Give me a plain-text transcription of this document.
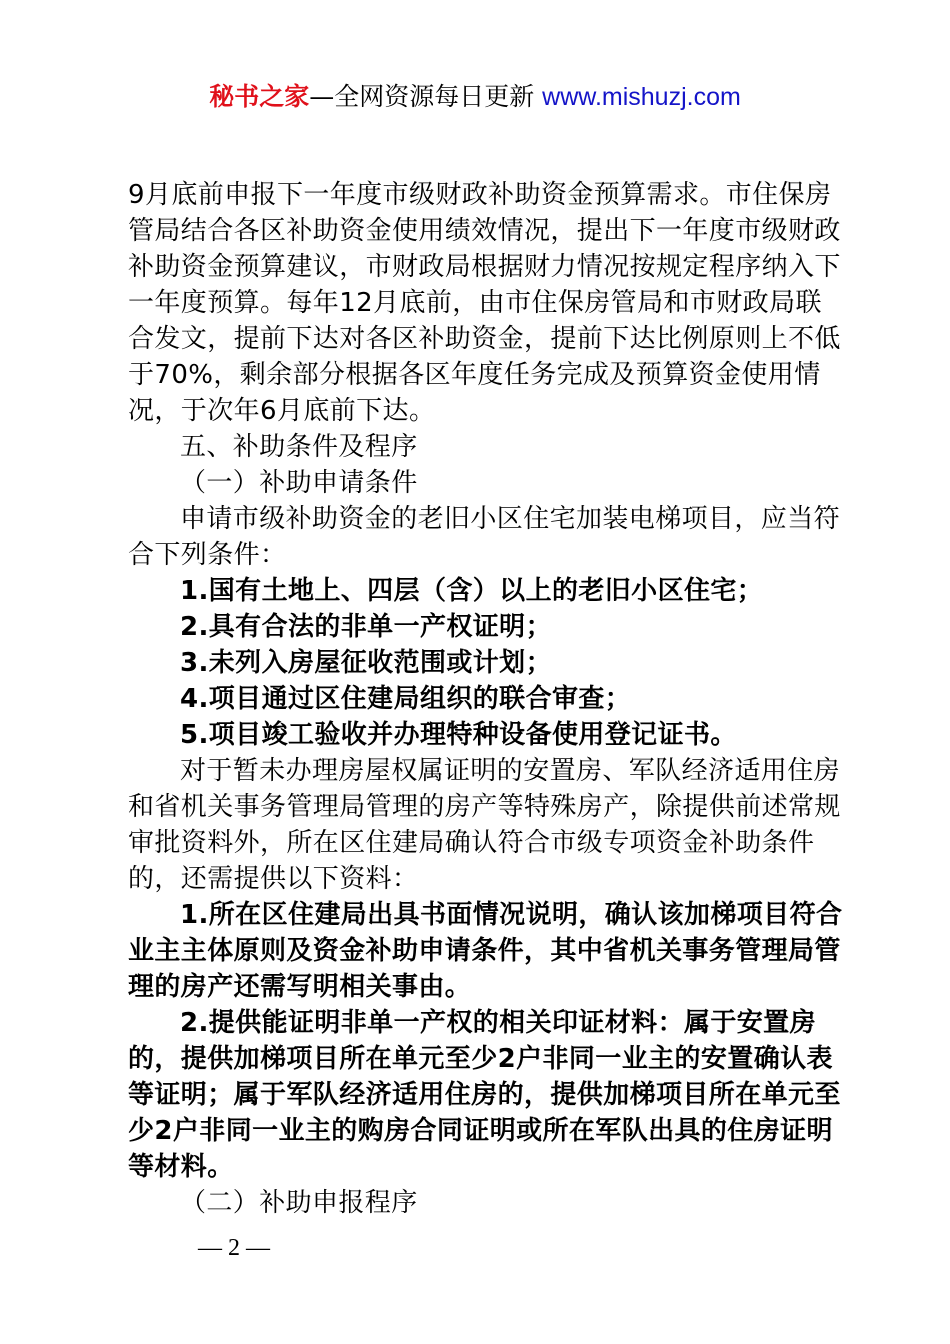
秘书之家—全网资源每日更新 www.mishuzj.com

9月底前申报下一年度市级财政补助资金预算需求。市住保房管局结合各区补助资金使用绩效情况，提出下一年度市级财政补助资金预算建议，市财政局根据财力情况按规定程序纳入下一年度预算。每年12月底前，由市住保房管局和市财政局联合发文，提前下达对各区补助资金，提前下达比例原则上不低于70%，剩余部分根据各区年度任务完成及预算资金使用情况，于次年6月底前下达。

五、补助条件及程序

（一）补助申请条件

申请市级补助资金的老旧小区住宅加装电梯项目，应当符合下列条件：

1.国有土地上、四层（含）以上的老旧小区住宅；

2.具有合法的非单一产权证明；

3.未列入房屋征收范围或计划；

4.项目通过区住建局组织的联合审查；

5.项目竣工验收并办理特种设备使用登记证书。

对于暂未办理房屋权属证明的安置房、军队经济适用住房和省机关事务管理局管理的房产等特殊房产，除提供前述常规审批资料外，所在区住建局确认符合市级专项资金补助条件的，还需提供以下资料：

1.所在区住建局出具书面情况说明，确认该加梯项目符合业主主体原则及资金补助申请条件，其中省机关事务管理局管理的房产还需写明相关事由。

2.提供能证明非单一产权的相关印证材料：属于安置房的，提供加梯项目所在单元至少2户非同一业主的安置确认表等证明；属于军队经济适用住房的，提供加梯项目所在单元至少2户非同一业主的购房合同证明或所在军队出具的住房证明等材料。

（二）补助申报程序

— 2 —
